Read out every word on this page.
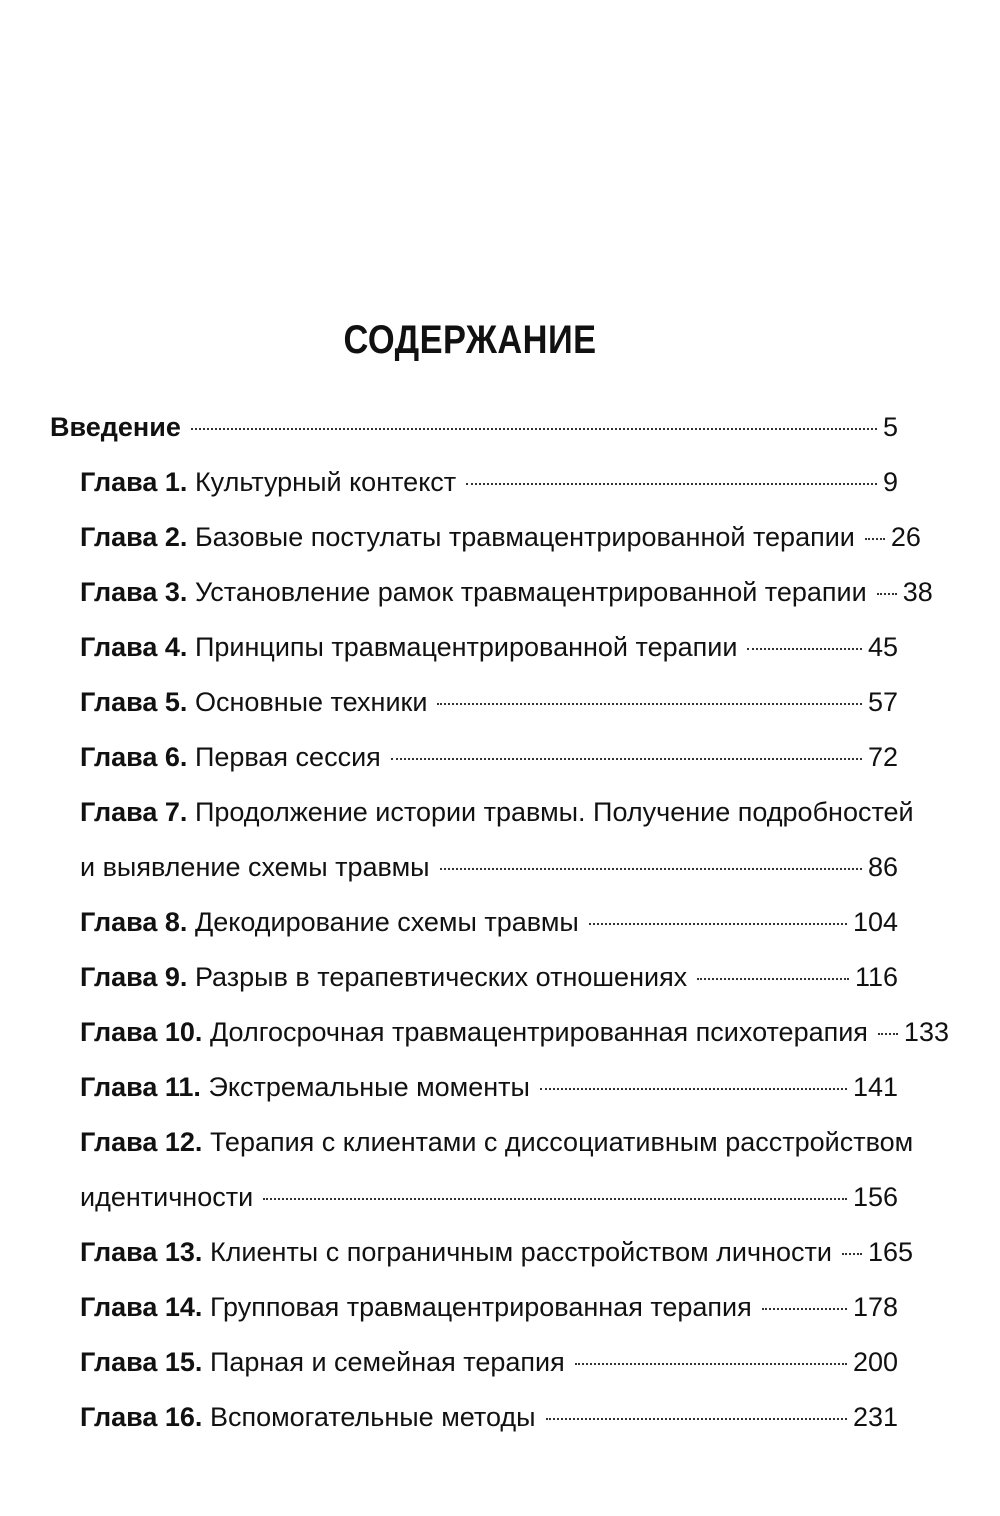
СОДЕРЖАНИЕ
Введение	5
Глава 1. Культурный контекст	9
Глава 2. Базовые постулаты травмацентрированной терапии 26
Глава 3. Установление рамок травмацентрированной терапии 38
Глава 4. Принципы травмацентрированной терапии	45
Глава 5. Основные техники	57
Глава 6. Первая сессия	72
Глава 7. Продолжение истории травмы. Получение подробностей
и выявление схемы травмы	86
Глава 8. Декодирование схемы травмы	104
Глава 9. Разрыв в терапевтических отношениях	116
Глава 10. Долгосрочная травмацентрированная психотерапия 133
Глава 11. Экстремальные моменты	141
Глава 12. Терапия с клиентами с диссоциативным расстройством
идентичности	156
Глава 13. Клиенты с пограничным расстройством личности 165
Глава 14. Групповая травмацентрированная терапия	178
Глава 15. Парная и семейная терапия	200
Глава 16. Вспомогательные методы	231
